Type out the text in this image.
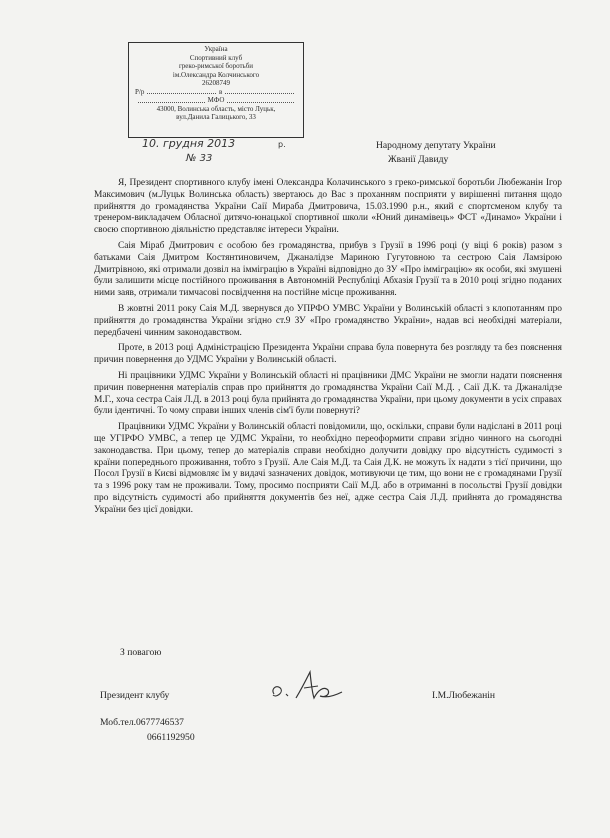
Україна
Спортивний клуб
греко-римської боротьби
ім.Олександра Колчинського
26208749
Р/р	в
МФО
43000, Волинська область, місто Луцьк,
вул.Данила Галицького, 33
10. грудня 2013	р.
№ 33
Народному депутату України
Жванії Давиду

Я, Президент спортивного клубу імені Олександра Колачинського з греко-римської боротьби Любежанін Ігор Максимович (м.Луцьк Волинська область) звертаюсь до Вас з проханням посприяти у вирішенні питання щодо прийняття до громадянства України Саії Мираба Дмитровича, 15.03.1990 р.н., який є спортсменом клубу та тренером-викладачем Обласної дитячо-юнацької спортивної школи «Юний динамівець» ФСТ «Динамо» України і своєю спортивною діяльністю представляє інтереси України.

Саія Міраб Дмитрович є особою без громадянства, прибув з Грузії в 1996 році (у віці 6 років) разом з батьками Саія Дмитром Костянтиновичем, Джаналідзе Мариною Гугутовною та сестрою Саія Ламзірою Дмитрівною, які отримали дозвіл на імміграцію в Україні відповідно до ЗУ «Про імміграцію» як особи, які змушені були залишити місце постійного проживання в Автономній Республіці Абхазія Грузії та в 2010 році згідно поданих ними заяв, отримали тимчасові посвідчення на постійне місце проживання.

В жовтні 2011 року Саія М.Д. звернувся до УПРФО УМВС України у Волинській області з клопотанням про прийняття до громадянства України згідно ст.9 ЗУ «Про громадянство України», надав всі необхідні матеріали, передбачені чинним законодавством.

Проте, в 2013 році Адміністрацією Президента України справа була повернута без розгляду та без пояснення причин повернення до УДМС України у Волинській області.

Ні працівники УДМС України у Волинській області ні працівники ДМС України не змогли надати пояснення причин повернення матеріалів справ про прийняття до громадянства України Саії М.Д. , Саії Д.К. та Джаналідзе М.Г., хоча сестра Саія Л.Д. в 2013 році була прийнята до громадянства України, при цьому документи в усіх справах були ідентичні. То чому справи інших членів сім'ї були повернуті?

Працівники УДМС України у Волинській області повідомили, що, оскільки, справи були надіслані в 2011 році ще УГІРФО УМВС, а тепер це УДМС України, то необхідно переоформити справи згідно чинного на сьогодні законодавства. При цьому, тепер до матеріалів справи необхідно долучити довідку про відсутність судимості з країни попереднього проживання, тобто з Грузії. Але Саія М.Д. та Саія Д.К. не можуть їх надати з тієї причини, що Посол Грузії в Києві відмовляє їм у видачі зазначених довідок, мотивуючи це тим, що вони не є громадянами Грузії та з 1996 року там не проживали. Тому, просимо посприяти Саії М.Д. або в отриманні в посольстві Грузії довідки про відсутність судимості або прийняття документів без неї, адже сестра Саія Л.Д. прийнята до громадянства України без цієї довідки.

З повагою
Президент клубу	І.М.Любежанін
Моб.тел.0677746537
0661192950
